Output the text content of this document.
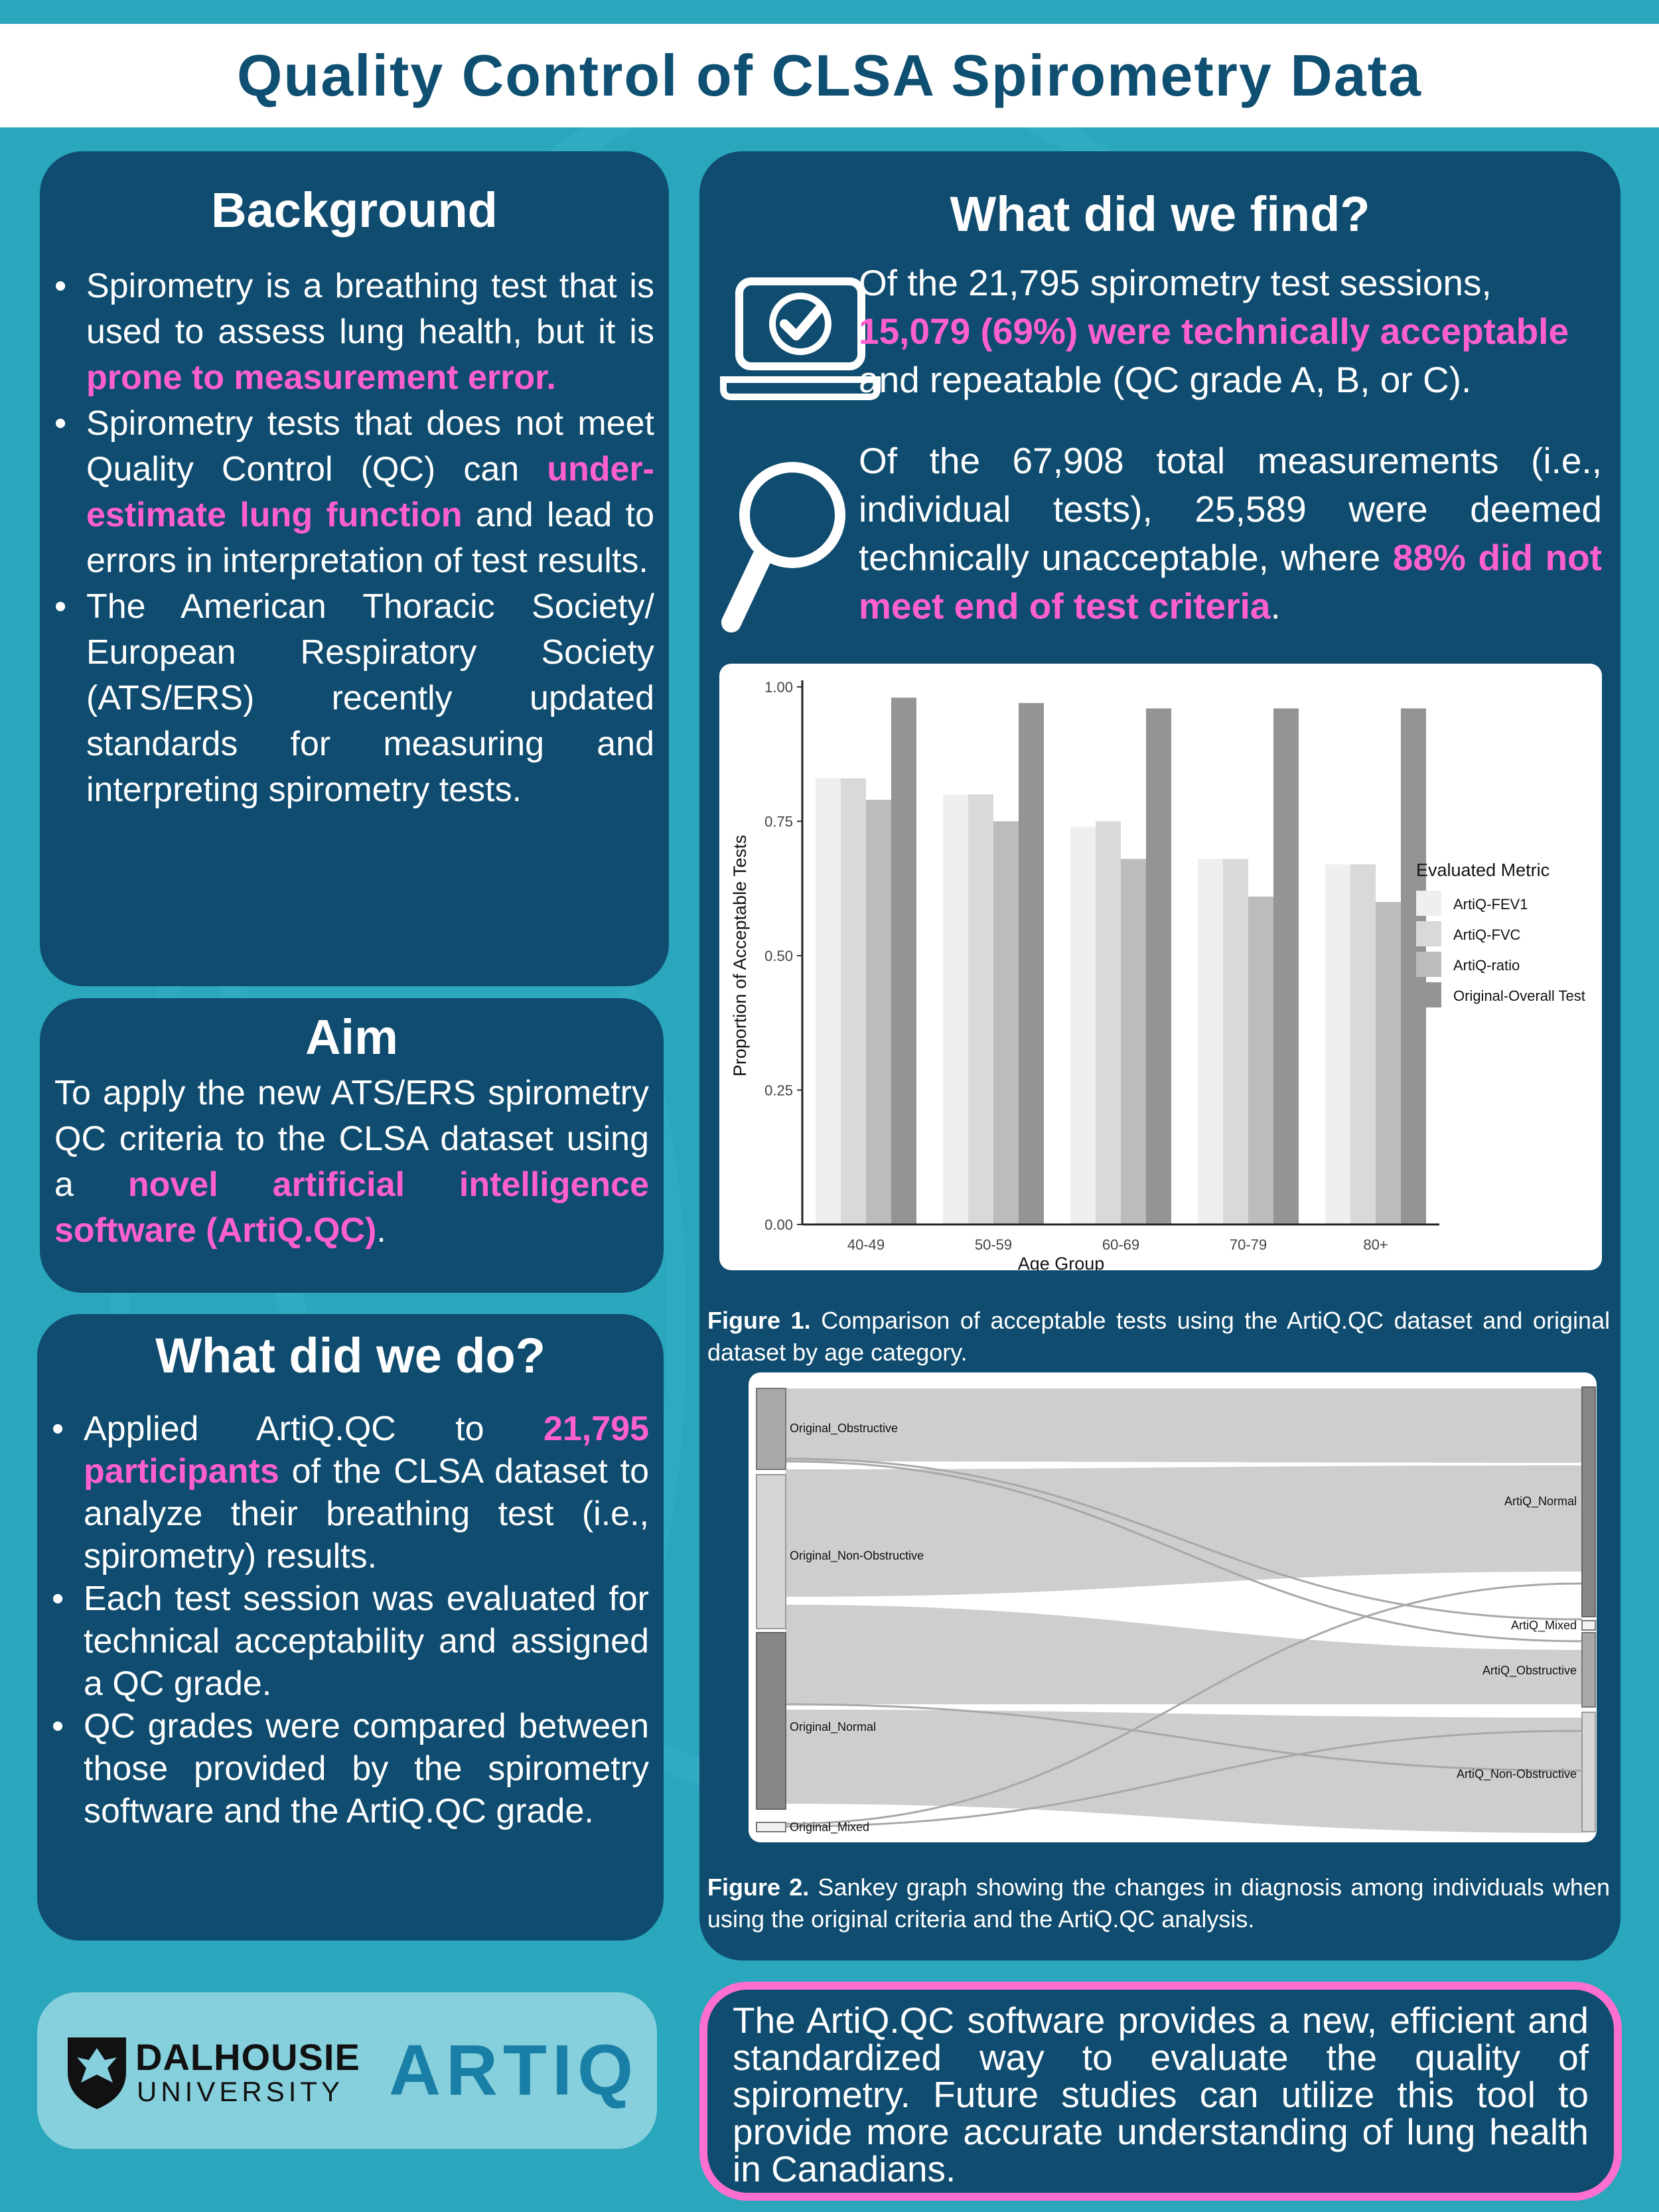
Quality Control of CLSA Spirometry Data
Background
• Spirometry is a breathing test that is used to assess lung health, but it is prone to measurement error.
• Spirometry tests that does not meet Quality Control (QC) can under-estimate lung function and lead to errors in interpretation of test results.
• The American Thoracic Society/ European Respiratory Society (ATS/ERS) recently updated standards for measuring and interpreting spirometry tests.
Aim

To apply the new ATS/ERS spirometry QC criteria to the CLSA dataset using a novel artificial intelligence software (ArtiQ.QC).

What did we do?
• Applied ArtiQ.QC to 21,795 participants of the CLSA dataset to analyze their breathing test (i.e., spirometry) results.
• Each test session was evaluated for technical acceptability and assigned a QC grade.
• QC grades were compared between those provided by the spirometry software and the ArtiQ.QC grade.
What did we find?

Of the 21,795 spirometry test sessions, 15,079 (69%) were technically acceptable and repeatable (QC grade A, B, or C).

Of the 67,908 total measurements (i.e., individual tests), 25,589 were deemed technically unacceptable, where 88% did not meet end of test criteria.

0.00
0.25
0.50
0.75
1.00
40-49	50-59	60-69	70-79	80+
Age Group
Proportion of Acceptable Tests	Evaluated Metric
ArtiQ-FEV1
ArtiQ-FVC
ArtiQ-ratio
Original-Overall Test

Figure 1. Comparison of acceptable tests using the ArtiQ.QC dataset and original dataset by age category.

Original_Obstructive
Original_Non-Obstructive
Original_Normal
Original_Mixed
ArtiQ_Normal
ArtiQ_Mixed
ArtiQ_Obstructive
ArtiQ_Non-Obstructive

Figure 2. Sankey graph showing the changes in diagnosis among individuals when using the original criteria and the ArtiQ.QC analysis.

DALHOUSIE
UNIVERSITY ARTIQ

The ArtiQ.QC software provides a new, efficient and standardized way to evaluate the quality of spirometry. Future studies can utilize this tool to provide more accurate understanding of lung health in Canadians.
